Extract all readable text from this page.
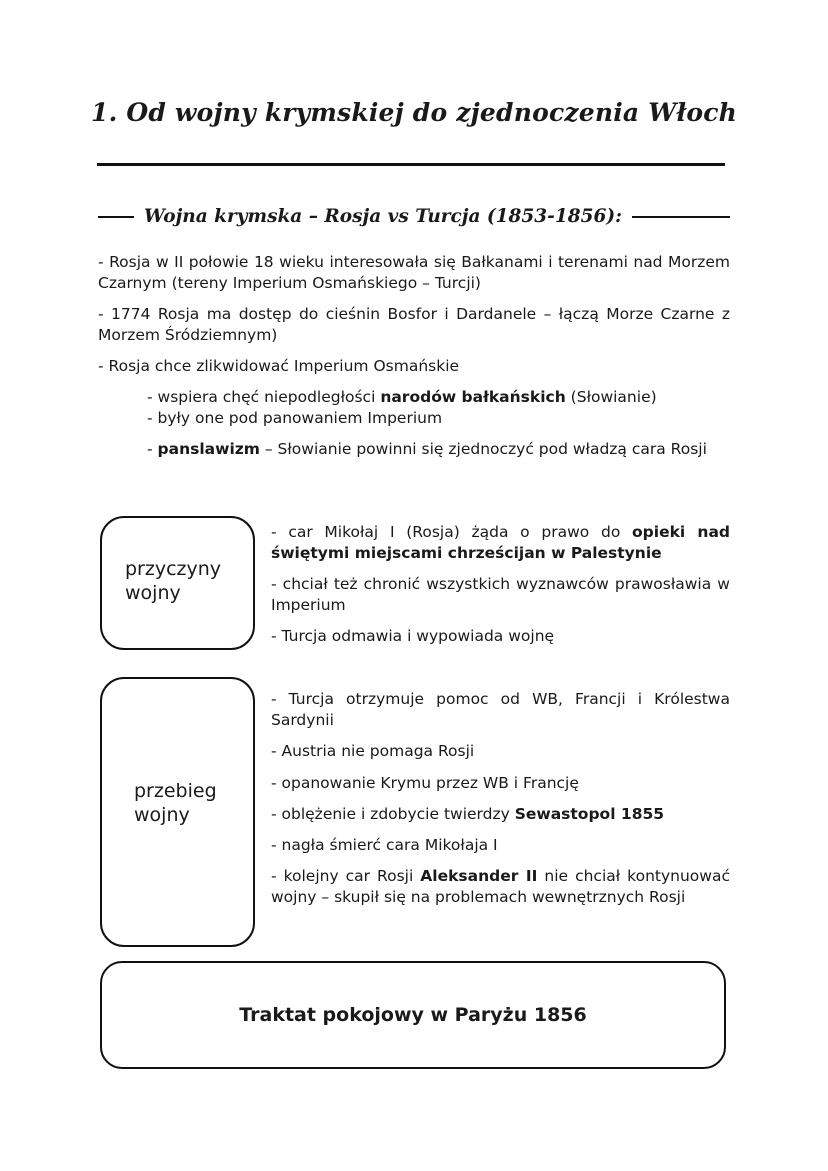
1. Od wojny krymskiej do zjednoczenia Włoch
Wojna krymska – Rosja vs Turcja (1853-1856):
- Rosja w II połowie 18 wieku interesowała się Bałkanami i terenami nad Morzem Czarnym (tereny Imperium Osmańskiego – Turcji)
- 1774 Rosja ma dostęp do cieśnin Bosfor i Dardanele – łączą Morze Czarne z Morzem Śródziemnym)
- Rosja chce zlikwidować Imperium Osmańskie
- wspiera chęć niepodległości narodów bałkańskich (Słowianie)
- były one pod panowaniem Imperium
- panslawizm – Słowianie powinni się zjednoczyć pod władzą cara Rosji
przyczyny
wojny
- car Mikołaj I (Rosja) żąda o prawo do opieki nad świętymi miejscami chrześcijan w Palestynie
- chciał też chronić wszystkich wyznawców prawosławia w Imperium
- Turcja odmawia i wypowiada wojnę
przebieg
wojny
- Turcja otrzymuje pomoc od WB, Francji i Królestwa Sardynii
- Austria nie pomaga Rosji
- opanowanie Krymu przez WB i Francję
- oblężenie i zdobycie twierdzy Sewastopol 1855
- nagła śmierć cara Mikołaja I
- kolejny car Rosji Aleksander II nie chciał kontynuować wojny – skupił się na problemach wewnętrznych Rosji
Traktat pokojowy w Paryżu 1856
